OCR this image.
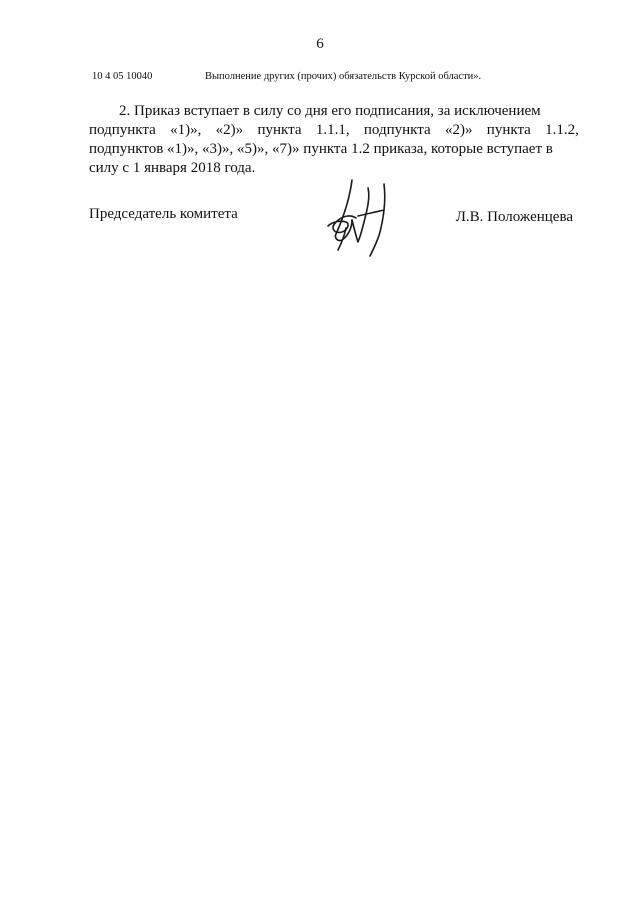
6
10 4 05 10040	Выполнение других (прочих) обязательств Курской области».
2. Приказ вступает в силу со дня его подписания, за исключением
подпункта «1)», «2)» пункта 1.1.1, подпункта «2)» пункта 1.1.2,
подпунктов «1)», «3)», «5)», «7)» пункта 1.2 приказа, которые вступает в
силу с 1 января 2018 года.
Председатель комитета	Л.В. Положенцева
